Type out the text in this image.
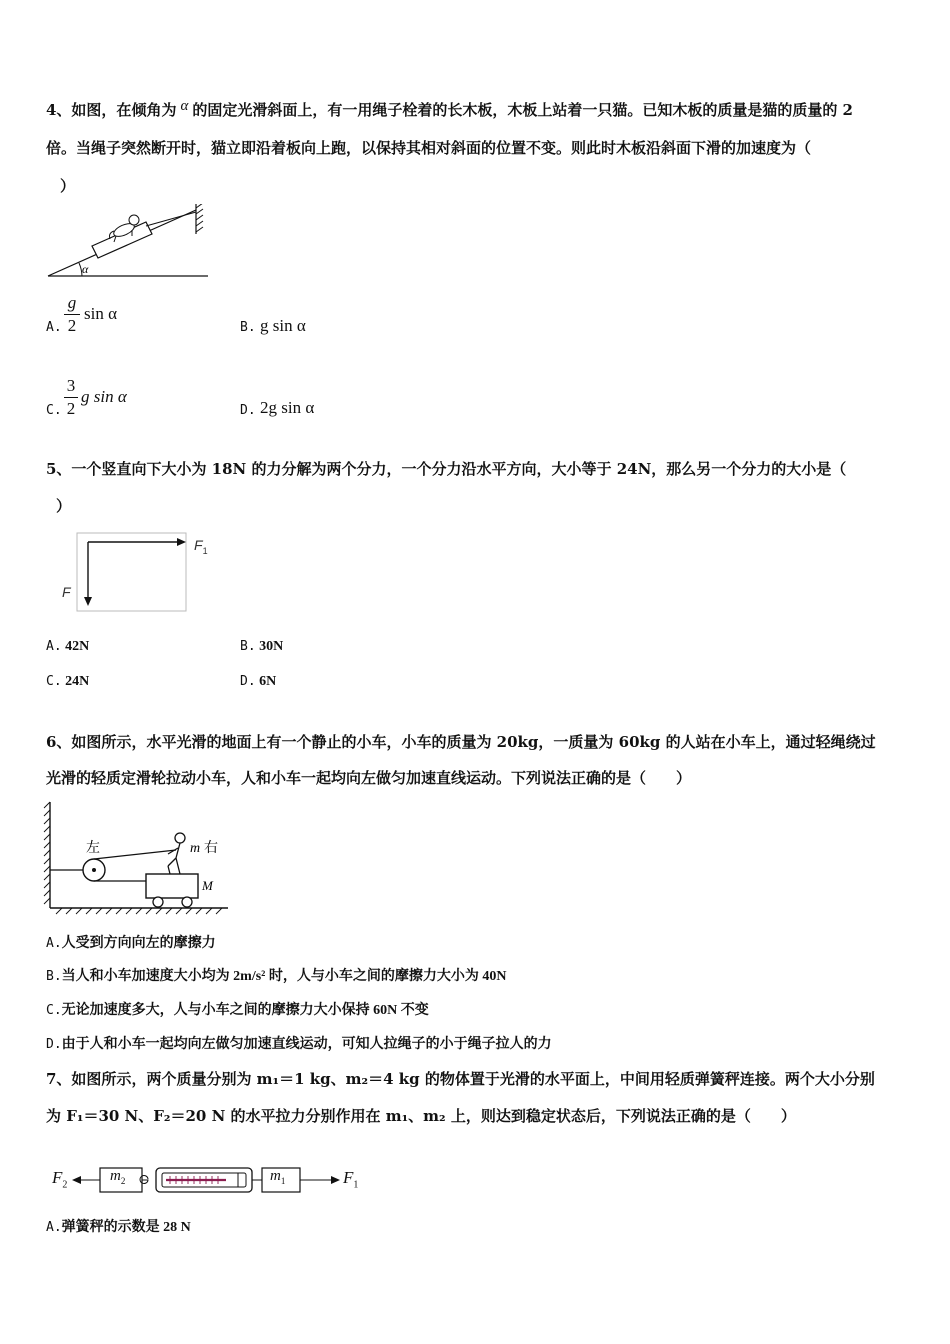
4、如图，在倾角为 α 的固定光滑斜面上，有一用绳子栓着的长木板，木板上站着一只猫。已知木板的质量是猫的质量的 2
倍。当绳子突然断开时，猫立即沿着板向上跑，以保持其相对斜面的位置不变。则此时木板沿斜面下滑的加速度为（
）
α
A.
g
2
sin α
B. g sin α
C.
3
2
g sin α
D. 2g sin α
5、一个竖直向下大小为 18N 的力分解为两个分力，一个分力沿水平方向，大小等于 24N，那么另一个分力的大小是（
）
$F_1$
F
A. 42N	B. 30N
C. 24N	D. 6N
6、如图所示，水平光滑的地面上有一个静止的小车，小车的质量为 20kg，一质量为 60kg 的人站在小车上，通过轻绳绕过
光滑的轻质定滑轮拉动小车，人和小车一起均向左做匀加速直线运动。下列说法正确的是（　　）
左	m 右
M
A.人受到方向向左的摩擦力
B.当人和小车加速度大小均为 2m/s² 时，人与小车之间的摩擦力大小为 40N
C.无论加速度多大，人与小车之间的摩擦力大小保持 60N 不变
D.由于人和小车一起均向左做匀加速直线运动，可知人拉绳子的小于绳子拉人的力
7、如图所示，两个质量分别为 m₁＝1 kg、m₂＝4 kg 的物体置于光滑的水平面上，中间用轻质弹簧秤连接。两个大小分别
为 F₁＝30 N、F₂＝20 N 的水平拉力分别作用在 m₁、m₂ 上，则达到稳定状态后，下列说法正确的是（　　）
$F_2$
$m_2$	$m_1$	$F_1$
A.弹簧秤的示数是 28 N
